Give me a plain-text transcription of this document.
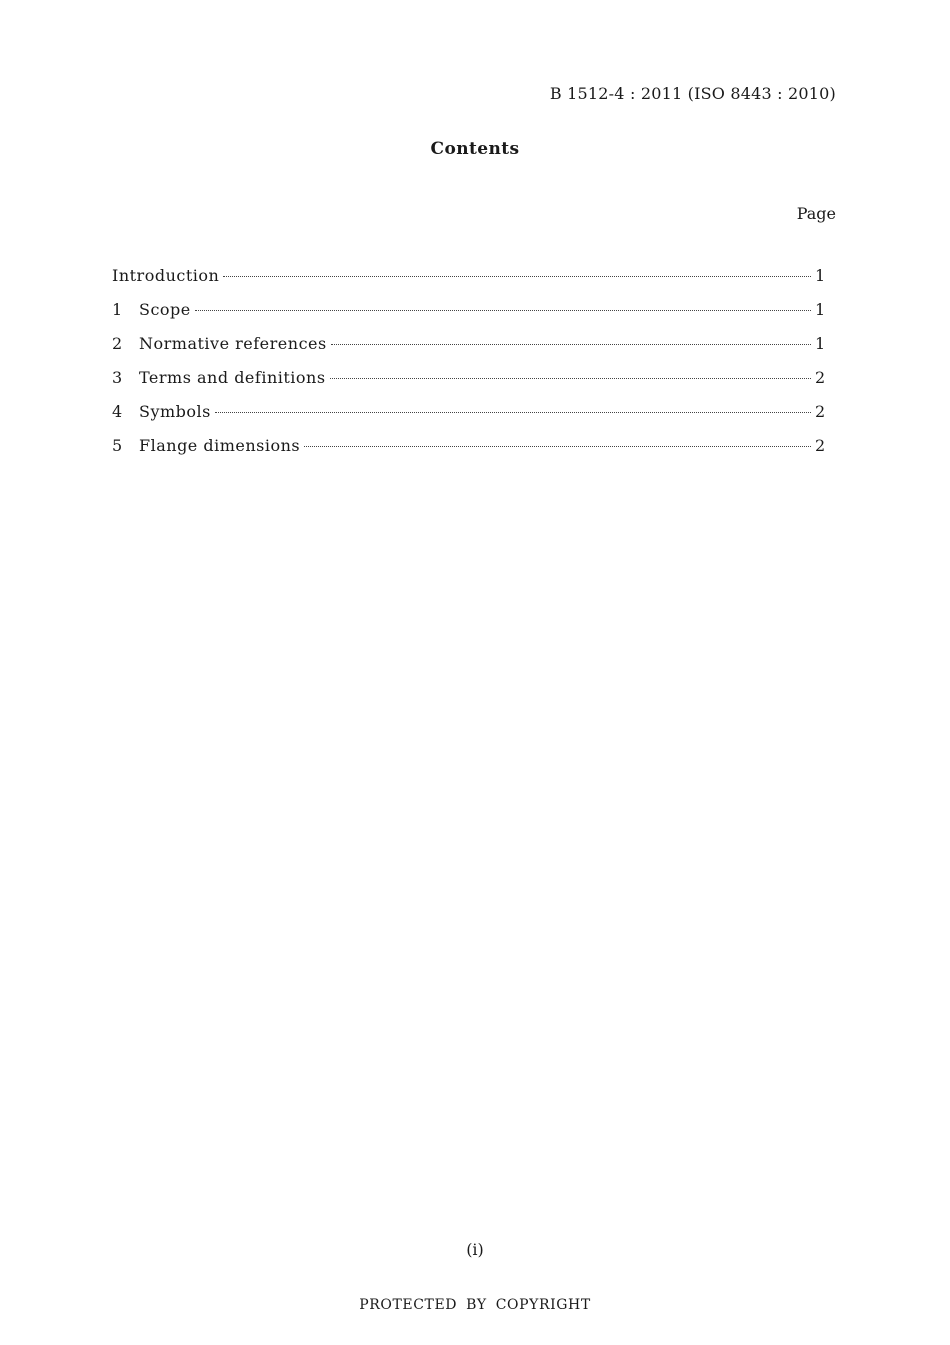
B 1512-4 : 2011 (ISO 8443 : 2010)
Contents
Page
Introduction	1
1	Scope	1
2	Normative references	1
3	Terms and definitions	2
4	Symbols	2
5	Flange dimensions	2
(i)
PROTECTED BY COPYRIGHT
